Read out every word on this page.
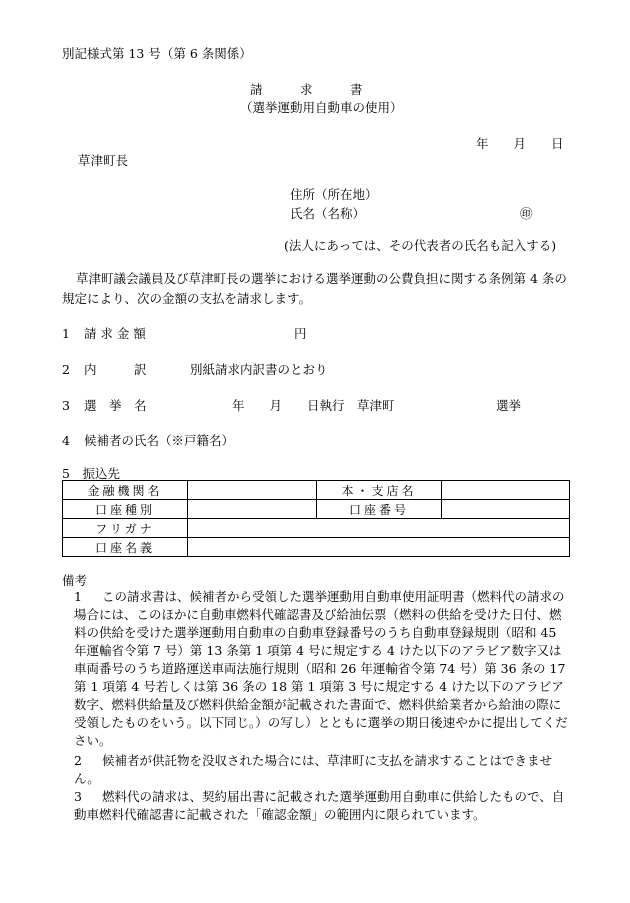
別記様式第 13 号（第 6 条関係）
請　　　求　　　書
（選挙運動用自動車の使用）
年　　月　　日
草津町長
住所（所在地）
氏名（名称）	㊞
(法人にあっては、その代表者の氏名も記入する)
草津町議会議員及び草津町長の選挙における選挙運動の公費負担に関する条例第 4 条の規定により、次の金額の支払を請求します。
1 請 求 金 額	円
2 内　　　訳	別紙請求内訳書のとおり
3 選　挙　名	年　　月　　日執行　草津町	選挙
4 候補者の氏名（※戸籍名）
5　振込先
金融機関名		本・支店名	
口座種別		口座番号	
フリガナ			
口座名義			
備考
1 この請求書は、候補者から受領した選挙運動用自動車使用証明書（燃料代の請求の場合には、このほかに自動車燃料代確認書及び給油伝票（燃料の供給を受けた日付、燃料の供給を受けた選挙運動用自動車の自動車登録番号のうち自動車登録規則（昭和 45 年運輸省令第 7 号）第 13 条第 1 項第 4 号に規定する 4 けた以下のアラビア数字又は車両番号のうち道路運送車両法施行規則（昭和 26 年運輸省令第 74 号）第 36 条の 17 第 1 項第 4 号若しくは第 36 条の 18 第 1 項第 3 号に規定する 4 けた以下のアラビア数字、燃料供給量及び燃料供給金額が記載された書面で、燃料供給業者から給油の際に受領したものをいう。以下同じ。）の写し）とともに選挙の期日後速やかに提出してください。
2 候補者が供託物を没収された場合には、草津町に支払を請求することはできません。
3 燃料代の請求は、契約届出書に記載された選挙運動用自動車に供給したもので、自動車燃料代確認書に記載された「確認金額」の範囲内に限られています。
